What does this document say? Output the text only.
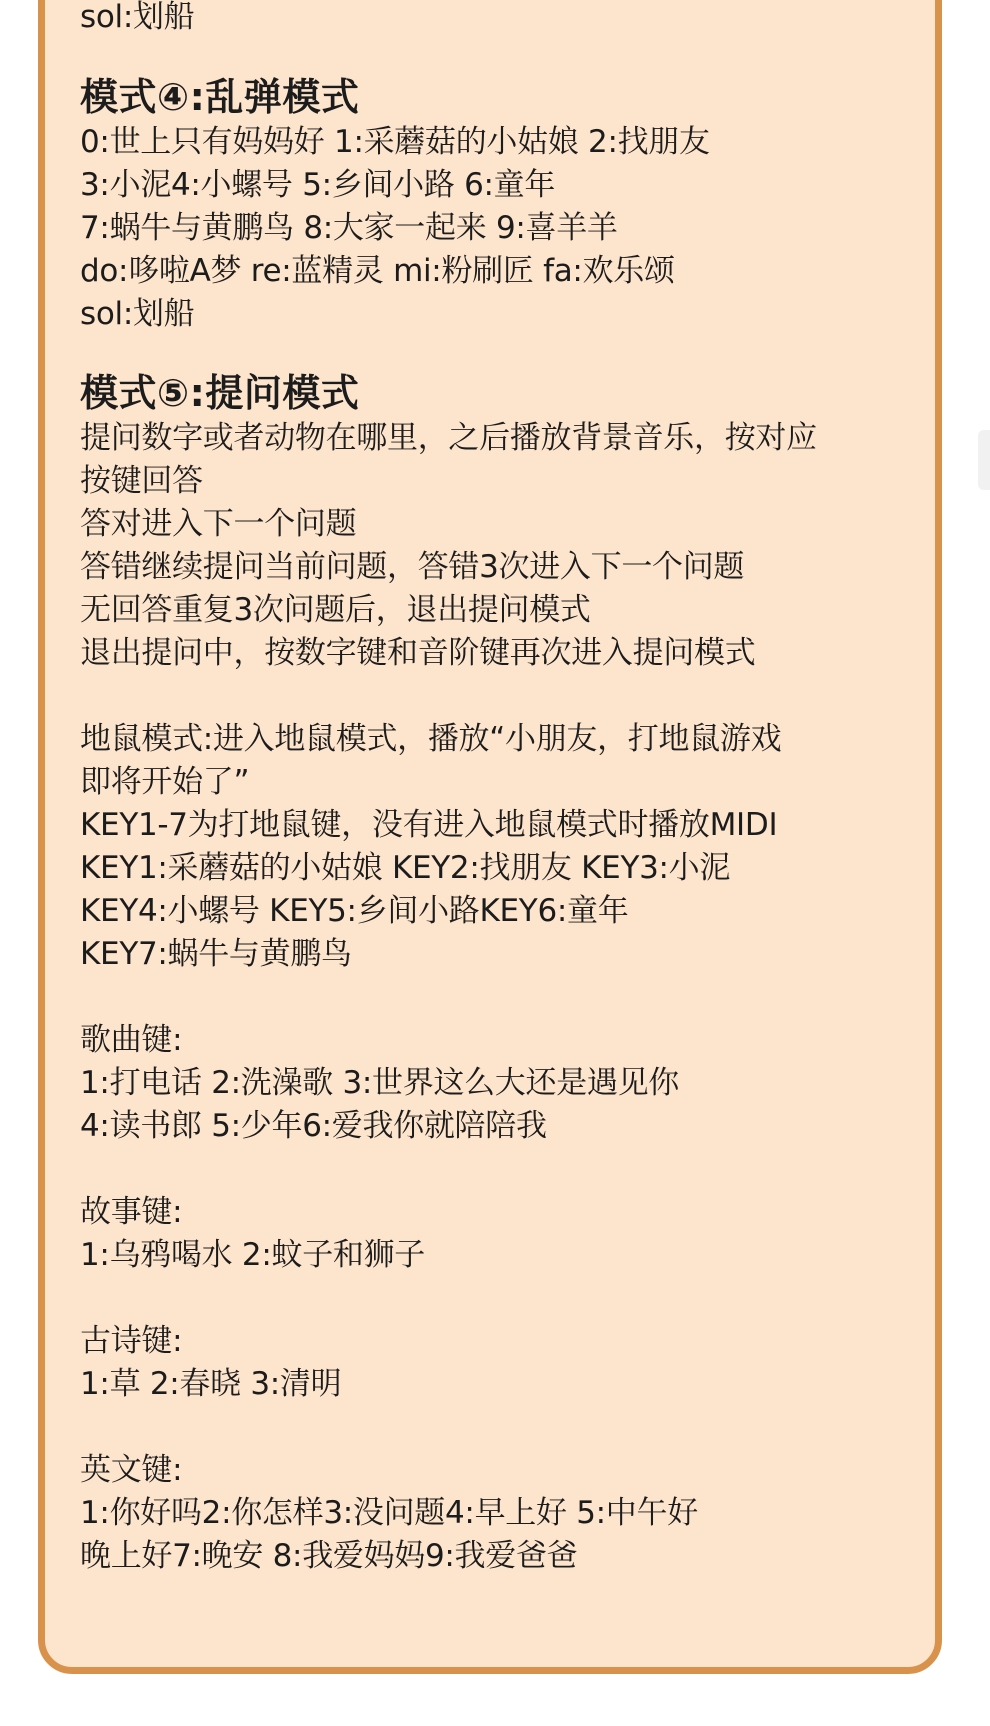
sol:划船
模式④:乱弹模式
0:世上只有妈妈好 1:采蘑菇的小姑娘 2:找朋友
3:小泥4:小螺号 5:乡间小路 6:童年
7:蜗牛与黄鹏鸟 8:大家一起来 9:喜羊羊
do:哆啦A梦 re:蓝精灵 mi:粉刷匠 fa:欢乐颂
sol:划船
模式⑤:提问模式
提问数字或者动物在哪里，之后播放背景音乐，按对应
按键回答
答对进入下一个问题
答错继续提问当前问题，答错3次进入下一个问题
无回答重复3次问题后，退出提问模式
退出提问中，按数字键和音阶键再次进入提问模式
地鼠模式:进入地鼠模式，播放“小朋友，打地鼠游戏
即将开始了”
KEY1-7为打地鼠键，没有进入地鼠模式时播放MIDI
KEY1:采蘑菇的小姑娘 KEY2:找朋友 KEY3:小泥
KEY4:小螺号 KEY5:乡间小路KEY6:童年
KEY7:蜗牛与黄鹏鸟
歌曲键:
1:打电话 2:洗澡歌 3:世界这么大还是遇见你
4:读书郎 5:少年6:爱我你就陪陪我
故事键:
1:乌鸦喝水 2:蚊子和狮子
古诗键:
1:草 2:春晓 3:清明
英文键:
1:你好吗2:你怎样3:没问题4:早上好 5:中午好
晚上好7:晚安 8:我爱妈妈9:我爱爸爸
